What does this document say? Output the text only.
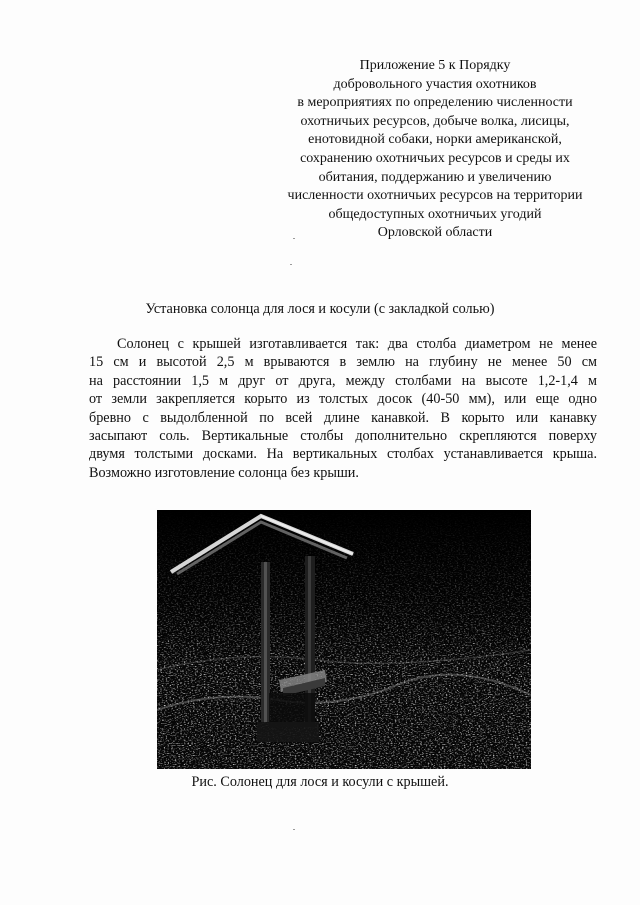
Приложение 5 к Порядку
добровольного участия охотников
в мероприятиях по определению численности
охотничьих ресурсов, добыче волка, лисицы,
енотовидной собаки, норки американской,
сохранению охотничьих ресурсов и среды их
обитания, поддержанию и увеличению
численности охотничьих ресурсов на территории
общедоступных охотничьих угодий
Орловской области
Установка солонца для лося и косули (с закладкой солью)
Солонец с крышей изготавливается так: два столба диаметром не менее
15 см и высотой 2,5 м врываются в землю на глубину не менее 50 см
на расстоянии 1,5 м друг от друга, между столбами на высоте 1,2-1,4 м
от земли закрепляется корыто из толстых досок (40-50 мм), или еще одно
бревно с выдолбленной по всей длине канавкой. В корыто или канавку
засыпают соль. Вертикальные столбы дополнительно скрепляются поверху
двумя толстыми досками. На вертикальных столбах устанавливается крыша.
Возможно изготовление солонца без крыши.
Рис. Солонец для лося и косули с крышей.
